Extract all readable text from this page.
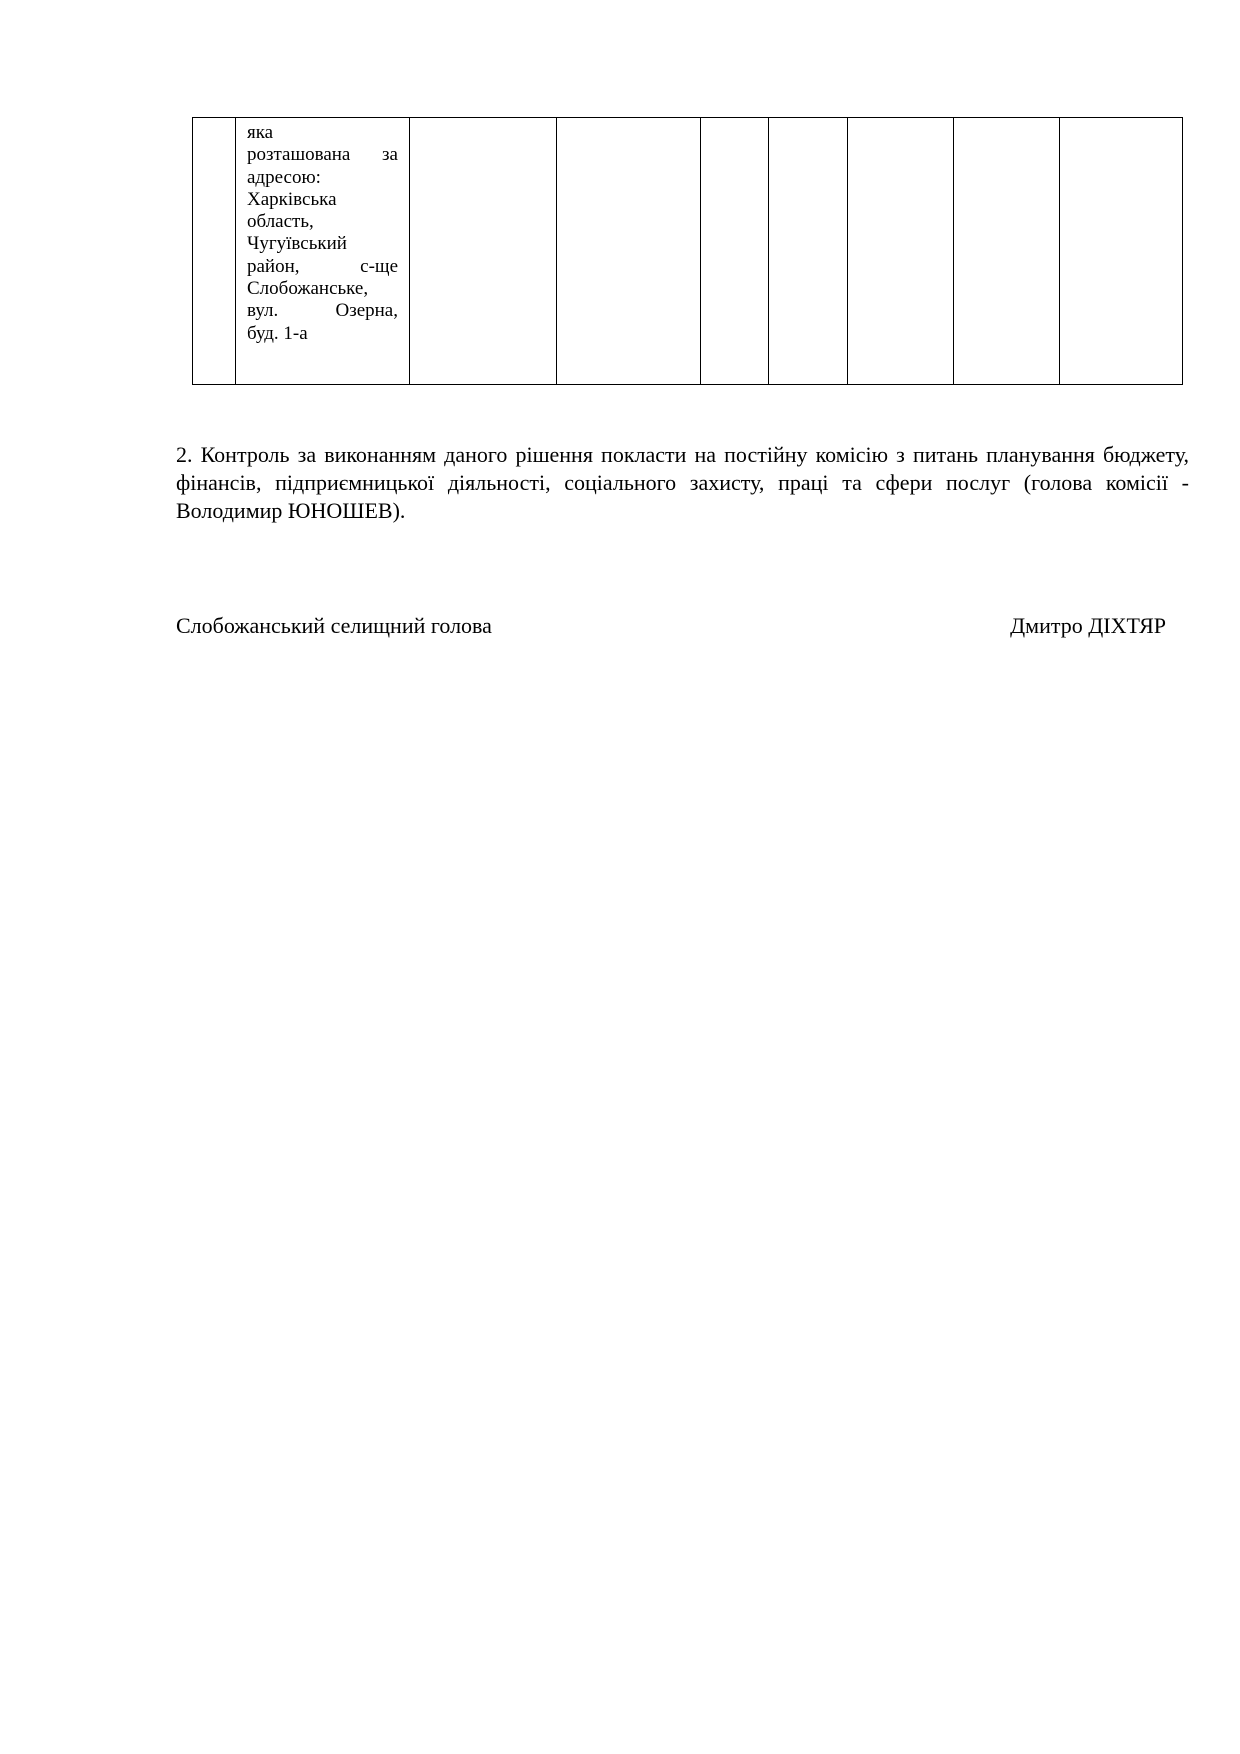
яка
розташована за
адресою:
Харківська
область,
Чугуївський
район,	с-ще
Слобожанське,
вул.	Озерна,
буд. 1-а

2. Контроль за виконанням даного рішення покласти на постійну комісію з питань планування бюджету, фінансів, підприємницької діяльності, соціального захисту, праці та сфери послуг (голова комісії - Володимир ЮНОШЕВ).

Слобожанський селищний голова	Дмитро ДІХТЯР
